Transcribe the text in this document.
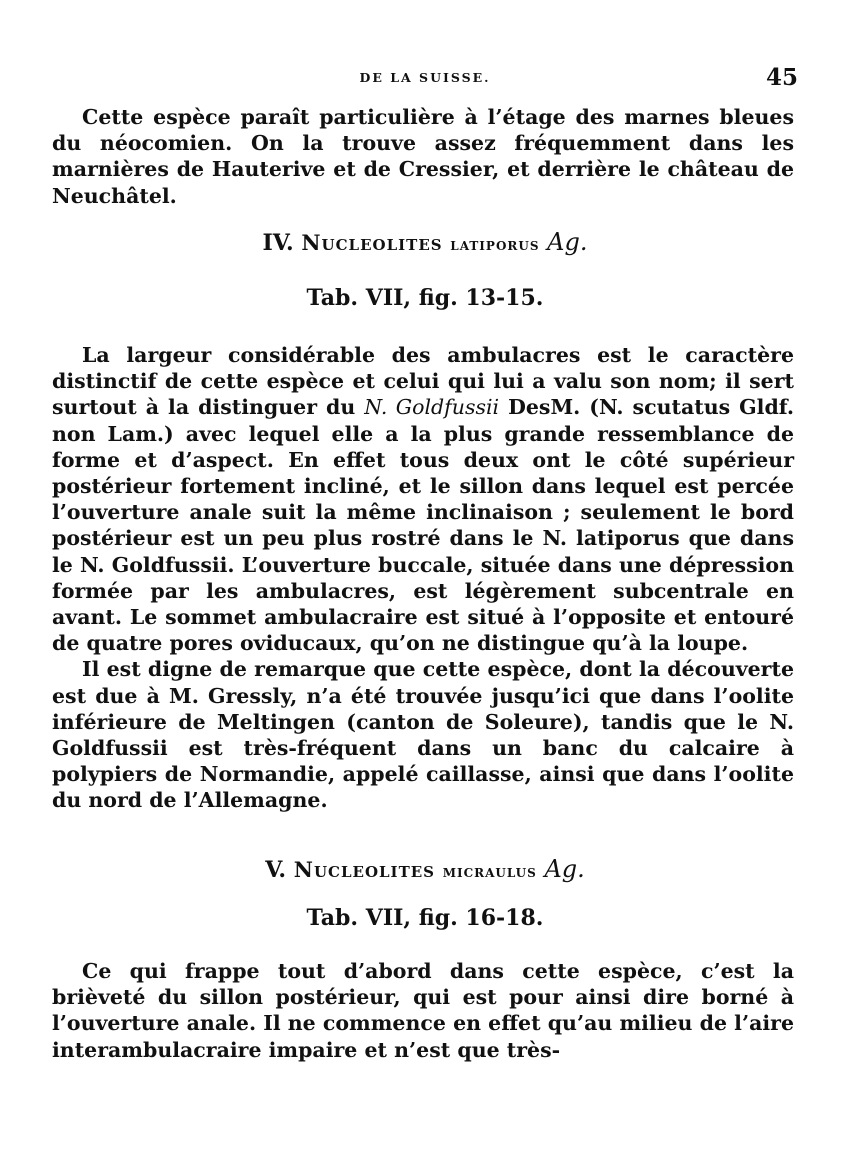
DE LA SUISSE.	45

Cette espèce paraît particulière à l’étage des marnes bleues du néocomien. On la trouve assez fréquemment dans les marnières de Hauterive et de Cressier, et derrière le château de Neuchâtel.

IV. Nucleolites latiporus Ag.
Tab. VII, fig. 13-15.

La largeur considérable des ambulacres est le caractère distinctif de cette espèce et celui qui lui a valu son nom; il sert surtout à la distinguer du N. Goldfussii DesM. (N. scutatus Gldf. non Lam.) avec lequel elle a la plus grande ressemblance de forme et d’aspect. En effet tous deux ont le côté supérieur postérieur fortement incliné, et le sillon dans lequel est percée l’ouverture anale suit la même inclinaison ; seulement le bord postérieur est un peu plus rostré dans le N. latiporus que dans le N. Goldfussii. L’ouverture buccale, située dans une dépression formée par les ambulacres, est légèrement subcentrale en avant. Le sommet ambulacraire est situé à l’opposite et entouré de quatre pores oviducaux, qu’on ne distingue qu’à la loupe.

Il est digne de remarque que cette espèce, dont la découverte est due à M. Gressly, n’a été trouvée jusqu’ici que dans l’oolite inférieure de Meltingen (canton de Soleure), tandis que le N. Goldfussii est très-fréquent dans un banc du calcaire à polypiers de Normandie, appelé caillasse, ainsi que dans l’oolite du nord de l’Allemagne.

V. Nucleolites micraulus Ag.
Tab. VII, fig. 16-18.

Ce qui frappe tout d’abord dans cette espèce, c’est la brièveté du sillon postérieur, qui est pour ainsi dire borné à l’ouverture anale. Il ne commence en effet qu’au milieu de l’aire interambulacraire impaire et n’est que très-
